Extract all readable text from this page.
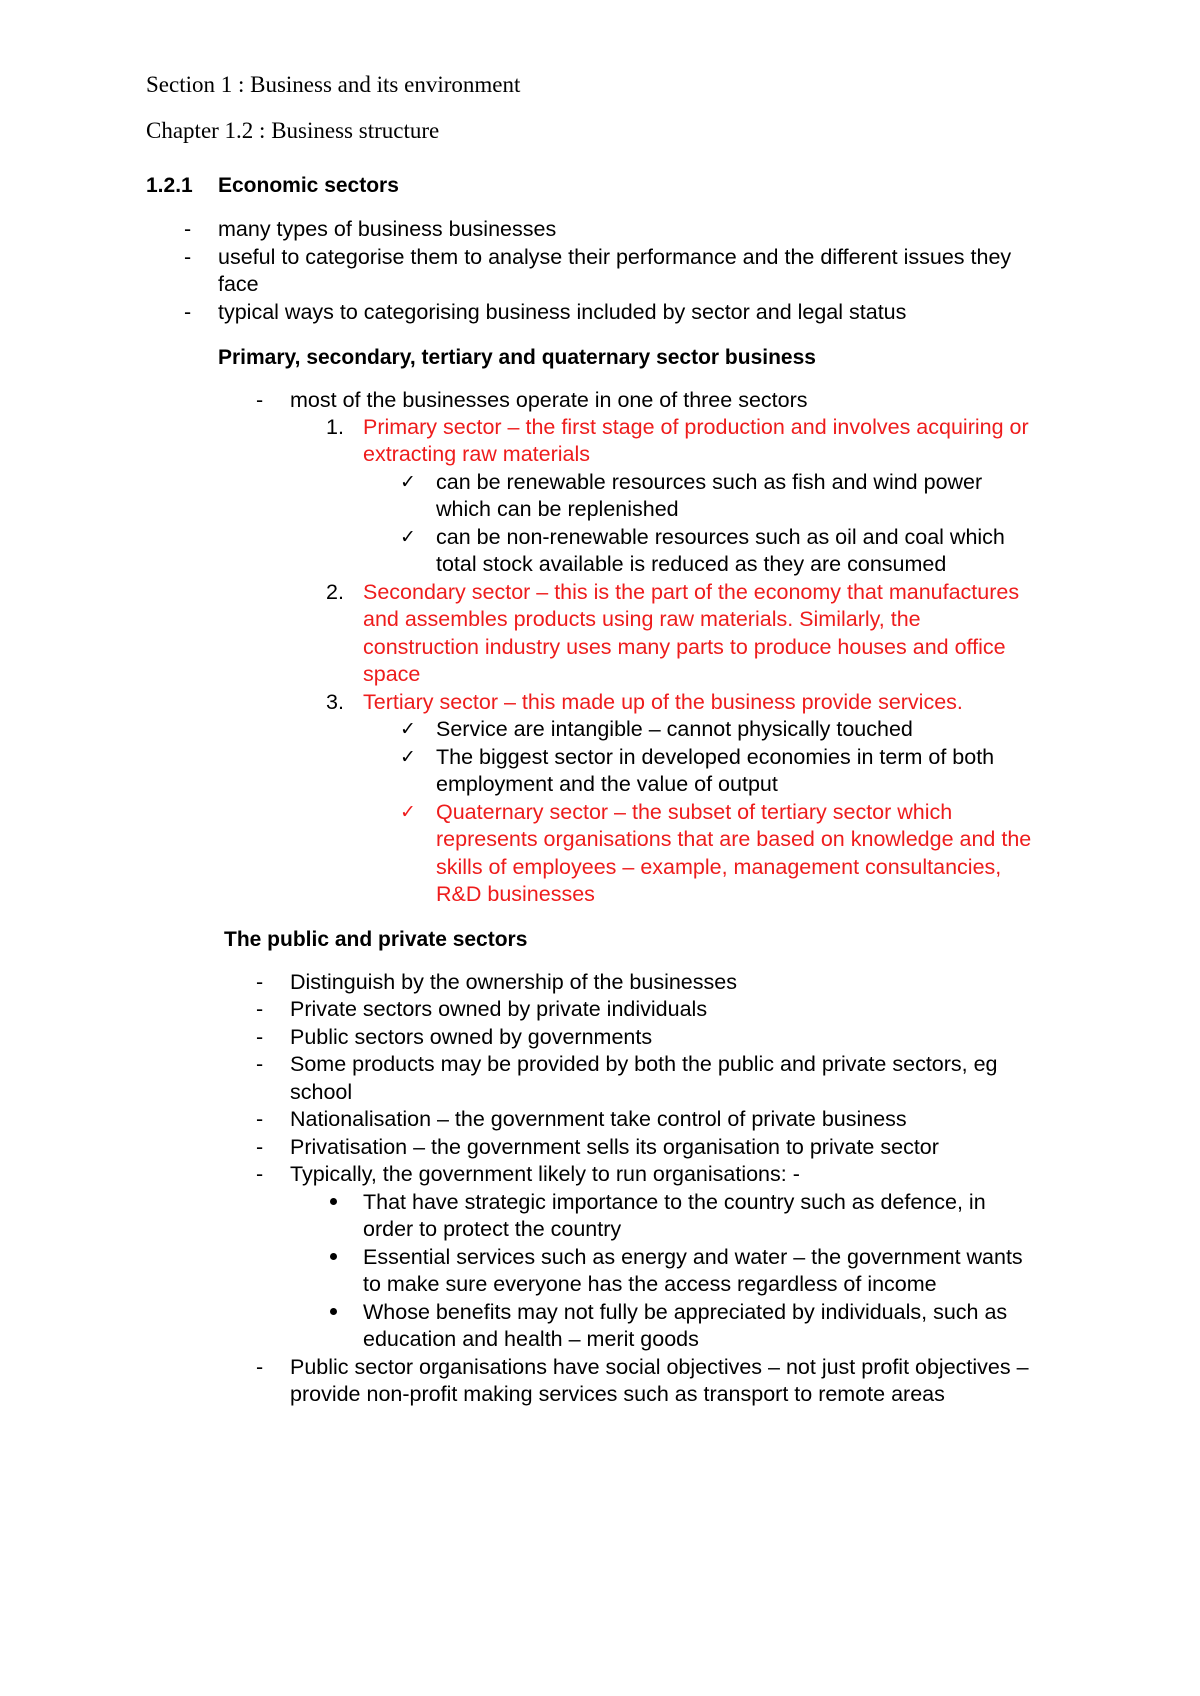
Section 1 : Business and its environment
Chapter 1.2 : Business structure
1.2.1 Economic sectors
- many types of business businesses
- useful to categorise them to analyse their performance and the different issues they
face
- typical ways to categorising business included by sector and legal status
Primary, secondary, tertiary and quaternary sector business
- most of the businesses operate in one of three sectors
1. Primary sector – the first stage of production and involves acquiring or
extracting raw materials
✓ can be renewable resources such as fish and wind power
which can be replenished
✓ can be non-renewable resources such as oil and coal which
total stock available is reduced as they are consumed
2. Secondary sector – this is the part of the economy that manufactures
and assembles products using raw materials. Similarly, the
construction industry uses many parts to produce houses and office
space
3. Tertiary sector – this made up of the business provide services.
✓ Service are intangible – cannot physically touched
✓ The biggest sector in developed economies in term of both
employment and the value of output
✓ Quaternary sector – the subset of tertiary sector which
represents organisations that are based on knowledge and the
skills of employees – example, management consultancies,
R&D businesses
The public and private sectors
- Distinguish by the ownership of the businesses
- Private sectors owned by private individuals
- Public sectors owned by governments
- Some products may be provided by both the public and private sectors, eg
school
- Nationalisation – the government take control of private business
- Privatisation – the government sells its organisation to private sector
- Typically, the government likely to run organisations: -
That have strategic importance to the country such as defence, in
order to protect the country
Essential services such as energy and water – the government wants
to make sure everyone has the access regardless of income
Whose benefits may not fully be appreciated by individuals, such as
education and health – merit goods
- Public sector organisations have social objectives – not just profit objectives –
provide non-profit making services such as transport to remote areas
